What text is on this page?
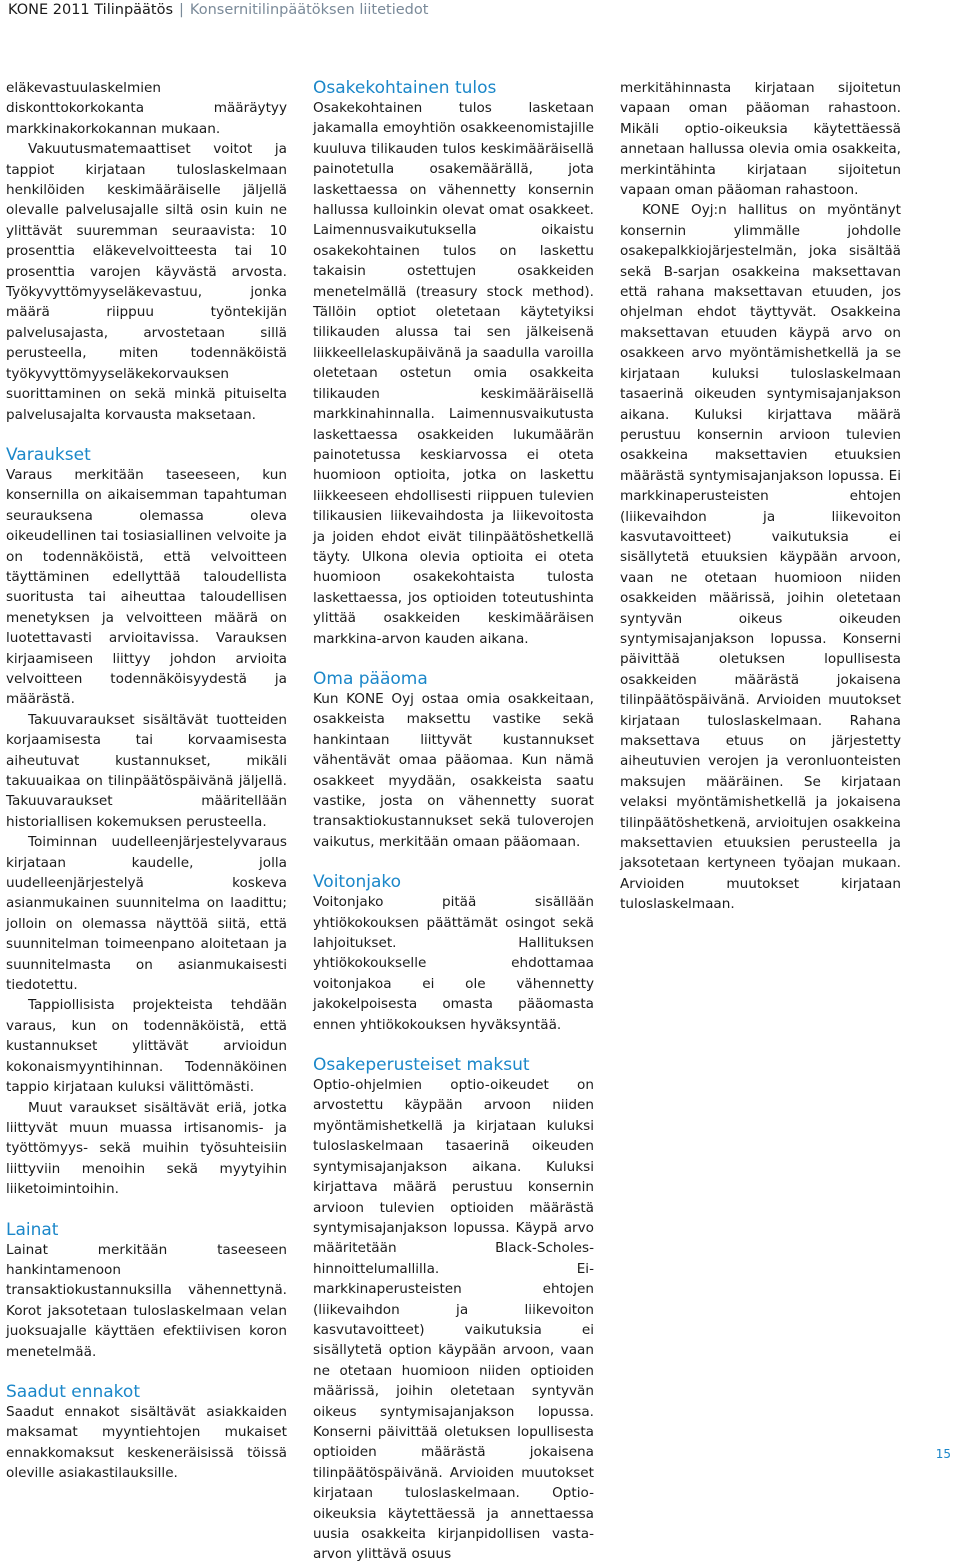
KONE 2011 Tilinpäätös | Konsernitilinpäätöksen liitetiedot

eläkevastuulaskelmien diskonttokorkokanta määräytyy markkinakorkokannan mukaan.

Vakuutusmatemaattiset voitot ja tappiot kirjataan tuloslaskelmaan henkilöiden keskimääräiselle jäljellä olevalle palvelusajalle siltä osin kuin ne ylittävät suuremman seuraavista: 10 prosenttia eläkevelvoitteesta tai 10 prosenttia varojen käyvästä arvosta. Työkyvyttömyyseläkevastuu, jonka määrä riippuu työntekijän palvelusajasta, arvostetaan sillä perusteella, miten todennäköistä työkyvyttömyyseläkekorvauksen suorittaminen on sekä minkä pituiselta palvelusajalta korvausta maksetaan.

Varaukset

Varaus merkitään taseeseen, kun konsernilla on aikaisemman tapahtuman seurauksena olemassa oleva oikeudellinen tai tosiasiallinen velvoite ja on todennäköistä, että velvoitteen täyttäminen edellyttää taloudellista suoritusta tai aiheuttaa taloudellisen menetyksen ja velvoitteen määrä on luotettavasti arvioitavissa. Varauksen kirjaamiseen liittyy johdon arvioita velvoitteen todennäköisyydestä ja määrästä.

Takuuvaraukset sisältävät tuotteiden korjaamisesta tai korvaamisesta aiheutuvat kustannukset, mikäli takuuaikaa on tilinpäätöspäivänä jäljellä. Takuuvaraukset määritellään historiallisen kokemuksen perusteella.

Toiminnan uudelleenjärjestelyvaraus kirjataan kaudelle, jolla uudelleenjärjestelyä koskeva asianmukainen suunnitelma on laadittu; jolloin on olemassa näyttöä siitä, että suunnitelman toimeenpano aloitetaan ja suunnitelmasta on asianmukaisesti tiedotettu.

Tappiollisista projekteista tehdään varaus, kun on todennäköistä, että kustannukset ylittävät arvioidun kokonaismyyntihinnan. Todennäköinen tappio kirjataan kuluksi välittömästi.

Muut varaukset sisältävät eriä, jotka liittyvät muun muassa irtisanomis- ja työttömyys- sekä muihin työsuhteisiin liittyviin menoihin sekä myytyihin liiketoimintoihin.

Lainat

Lainat merkitään taseeseen hankintamenoon transaktiokustannuksilla vähennettynä. Korot jaksotetaan tuloslaskelmaan velan juoksuajalle käyttäen efektiivisen koron menetelmää.

Saadut ennakot

Saadut ennakot sisältävät asiakkaiden maksamat myyntiehtojen mukaiset ennakkomaksut keskeneräisissä töissä oleville asiakastilauksille.

Osakekohtainen tulos

Osakekohtainen tulos lasketaan jakamalla emoyhtiön osakkeenomistajille kuuluva tilikauden tulos keskimääräisellä painotetulla osakemäärällä, jota laskettaessa on vähennetty konsernin hallussa kulloinkin olevat omat osakkeet. Laimennusvaikutuksella oikaistu osakekohtainen tulos on laskettu takaisin ostettujen osakkeiden menetelmällä (treasury stock method). Tällöin optiot oletetaan käytetyiksi tilikauden alussa tai sen jälkeisenä liikkeellelaskupäivänä ja saadulla varoilla oletetaan ostetun omia osakkeita tilikauden keskimääräisellä markkinahinnalla. Laimennusvaikutusta laskettaessa osakkeiden lukumäärän painotetussa keskiarvossa ei oteta huomioon optioita, jotka on laskettu liikkeeseen ehdollisesti riippuen tulevien tilikausien liikevaihdosta ja liikevoitosta ja joiden ehdot eivät tilinpäätöshetkellä täyty. Ulkona olevia optioita ei oteta huomioon osakekohtaista tulosta laskettaessa, jos optioiden toteutushinta ylittää osakkeiden keskimääräisen markkina-arvon kauden aikana.

Oma pääoma

Kun KONE Oyj ostaa omia osakkeitaan, osakkeista maksettu vastike sekä hankintaan liittyvät kustannukset vähentävät omaa pääomaa. Kun nämä osakkeet myydään, osakkeista saatu vastike, josta on vähennetty suorat transaktiokustannukset sekä tuloverojen vaikutus, merkitään omaan pääomaan.

Voitonjako

Voitonjako pitää sisällään yhtiökokouksen päättämät osingot sekä lahjoitukset. Hallituksen yhtiökokoukselle ehdottamaa voitonjakoa ei ole vähennetty jakokelpoisesta omasta pääomasta ennen yhtiökokouksen hyväksyntää.

Osakeperusteiset maksut

Optio-ohjelmien optio-oikeudet on arvostettu käypään arvoon niiden myöntämishetkellä ja kirjataan kuluksi tuloslaskelmaan tasaerinä oikeuden syntymisajanjakson aikana. Kuluksi kirjattava määrä perustuu konsernin arvioon tulevien optioiden määrästä syntymisajanjakson lopussa. Käypä arvo määritetään Black-Scholes-hinnoittelumallilla. Ei-markkinaperusteisten ehtojen (liikevaihdon ja liikevoiton kasvutavoitteet) vaikutuksia ei sisällytetä option käypään arvoon, vaan ne otetaan huomioon niiden optioiden määrissä, joihin oletetaan syntyvän oikeus syntymisajanjakson lopussa. Konserni päivittää oletuksen lopullisesta optioiden määrästä jokaisena tilinpäätöspäivänä. Arvioiden muutokset kirjataan tuloslaskelmaan. Optio-oikeuksia käytettäessä ja annettaessa uusia osakkeita kirjanpidollisen vasta-arvon ylittävä osuus

merkitähinnasta kirjataan sijoitetun vapaan oman pääoman rahastoon. Mikäli optio-oikeuksia käytettäessä annetaan hallussa olevia omia osakkeita, merkintähinta kirjataan sijoitetun vapaan oman pääoman rahastoon.

KONE Oyj:n hallitus on myöntänyt konsernin ylimmälle johdolle osakepalkkiojärjestelmän, joka sisältää sekä B-sarjan osakkeina maksettavan että rahana maksettavan etuuden, jos ohjelman ehdot täyttyvät. Osakkeina maksettavan etuuden käypä arvo on osakkeen arvo myöntämishetkellä ja se kirjataan kuluksi tuloslaskelmaan tasaerinä oikeuden syntymisajanjakson aikana. Kuluksi kirjattava määrä perustuu konsernin arvioon tulevien osakkeina maksettavien etuuksien määrästä syntymisajanjakson lopussa. Ei markkinaperusteisten ehtojen (liikevaihdon ja liikevoiton kasvutavoitteet) vaikutuksia ei sisällytetä etuuksien käypään arvoon, vaan ne otetaan huomioon niiden osakkeiden määrissä, joihin oletetaan syntyvän oikeus oikeuden syntymisajanjakson lopussa. Konserni päivittää oletuksen lopullisesta osakkeiden määrästä jokaisena tilinpäätöspäivänä. Arvioiden muutokset kirjataan tuloslaskelmaan. Rahana maksettava etuus on järjestetty aiheutuvien verojen ja veronluonteisten maksujen määräinen. Se kirjataan velaksi myöntämishetkellä ja jokaisena tilinpäätöshetkenä, arvioitujen osakkeina maksettavien etuuksien perusteella ja jaksotetaan kertyneen työajan mukaan. Arvioiden muutokset kirjataan tuloslaskelmaan.

15
